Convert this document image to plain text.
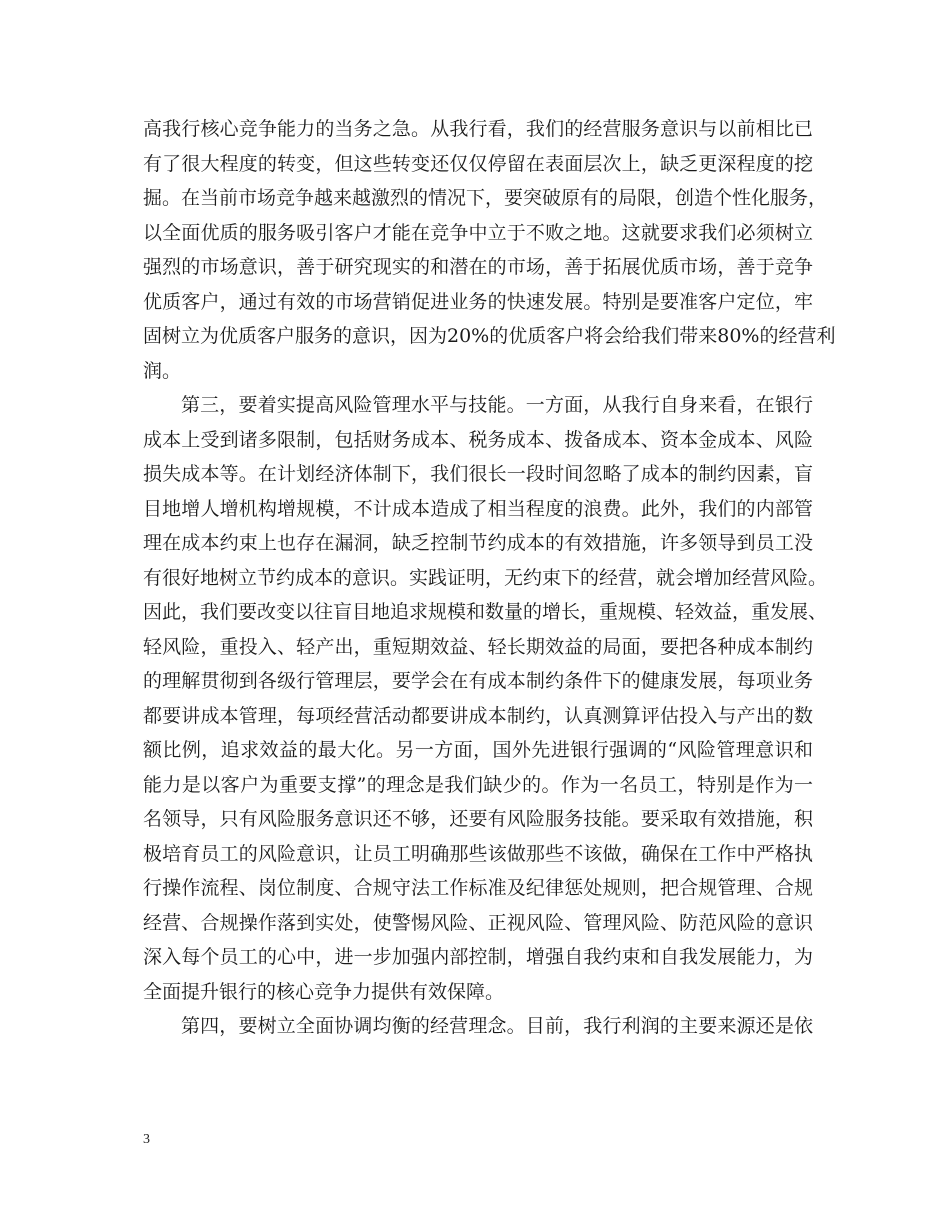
高我行核心竞争能力的当务之急。从我行看，我们的经营服务意识与以前相比已
有了很大程度的转变，但这些转变还仅仅停留在表面层次上，缺乏更深程度的挖
掘。在当前市场竞争越来越激烈的情况下，要突破原有的局限，创造个性化服务，
以全面优质的服务吸引客户才能在竞争中立于不败之地。这就要求我们必须树立
强烈的市场意识，善于研究现实的和潜在的市场，善于拓展优质市场，善于竞争
优质客户，通过有效的市场营销促进业务的快速发展。特别是要准客户定位，牢
固树立为优质客户服务的意识，因为20%的优质客户将会给我们带来80%的经营利
润。
第三，要着实提高风险管理水平与技能。一方面，从我行自身来看，在银行
成本上受到诸多限制，包括财务成本、税务成本、拨备成本、资本金成本、风险
损失成本等。在计划经济体制下，我们很长一段时间忽略了成本的制约因素，盲
目地增人增机构增规模，不计成本造成了相当程度的浪费。此外，我们的内部管
理在成本约束上也存在漏洞，缺乏控制节约成本的有效措施，许多领导到员工没
有很好地树立节约成本的意识。实践证明，无约束下的经营，就会增加经营风险。
因此，我们要改变以往盲目地追求规模和数量的增长，重规模、轻效益，重发展、
轻风险，重投入、轻产出，重短期效益、轻长期效益的局面，要把各种成本制约
的理解贯彻到各级行管理层，要学会在有成本制约条件下的健康发展，每项业务
都要讲成本管理，每项经营活动都要讲成本制约，认真测算评估投入与产出的数
额比例，追求效益的最大化。另一方面，国外先进银行强调的“风险管理意识和
能力是以客户为重要支撑”的理念是我们缺少的。作为一名员工，特别是作为一
名领导，只有风险服务意识还不够，还要有风险服务技能。要采取有效措施，积
极培育员工的风险意识，让员工明确那些该做那些不该做，确保在工作中严格执
行操作流程、岗位制度、合规守法工作标准及纪律惩处规则，把合规管理、合规
经营、合规操作落到实处，使警惕风险、正视风险、管理风险、防范风险的意识
深入每个员工的心中，进一步加强内部控制，增强自我约束和自我发展能力，为
全面提升银行的核心竞争力提供有效保障。
第四，要树立全面协调均衡的经营理念。目前，我行利润的主要来源还是依
3
